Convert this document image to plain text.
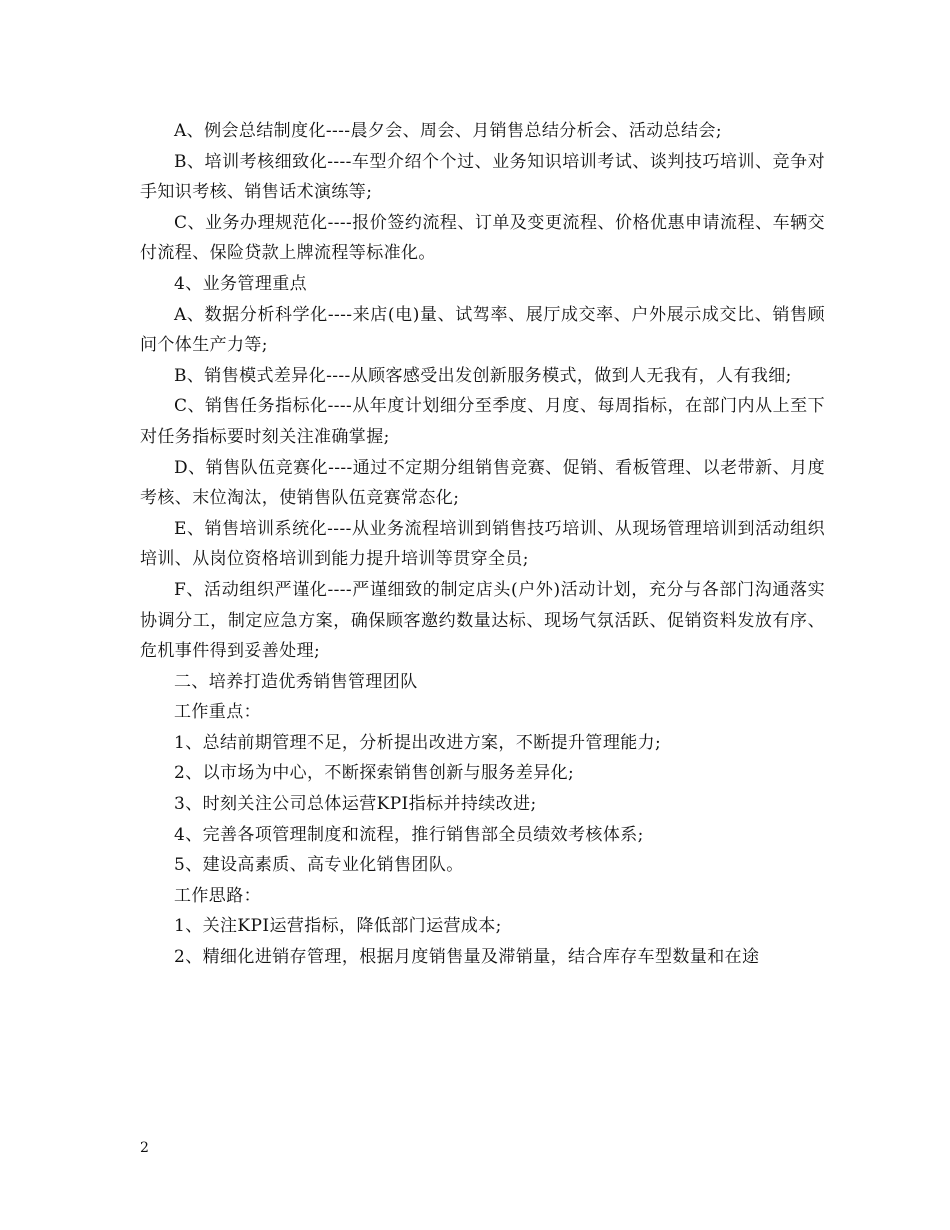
A、例会总结制度化----晨夕会、周会、月销售总结分析会、活动总结会;

B、培训考核细致化----车型介绍个个过、业务知识培训考试、谈判技巧培训、竞争对手知识考核、销售话术演练等;

C、业务办理规范化----报价签约流程、订单及变更流程、价格优惠申请流程、车辆交付流程、保险贷款上牌流程等标准化。

4、业务管理重点

A、数据分析科学化----来店(电)量、试驾率、展厅成交率、户外展示成交比、销售顾问个体生产力等;

B、销售模式差异化----从顾客感受出发创新服务模式，做到人无我有，人有我细;

C、销售任务指标化----从年度计划细分至季度、月度、每周指标，在部门内从上至下对任务指标要时刻关注准确掌握;

D、销售队伍竞赛化----通过不定期分组销售竞赛、促销、看板管理、以老带新、月度考核、末位淘汰，使销售队伍竞赛常态化;

E、销售培训系统化----从业务流程培训到销售技巧培训、从现场管理培训到活动组织培训、从岗位资格培训到能力提升培训等贯穿全员;

F、活动组织严谨化----严谨细致的制定店头(户外)活动计划，充分与各部门沟通落实协调分工，制定应急方案，确保顾客邀约数量达标、现场气氛活跃、促销资料发放有序、危机事件得到妥善处理;

二、培养打造优秀销售管理团队

工作重点：

1、总结前期管理不足，分析提出改进方案，不断提升管理能力;

2、以市场为中心，不断探索销售创新与服务差异化;

3、时刻关注公司总体运营KPI指标并持续改进;

4、完善各项管理制度和流程，推行销售部全员绩效考核体系;

5、建设高素质、高专业化销售团队。

工作思路：

1、关注KPI运营指标，降低部门运营成本;

2、精细化进销存管理，根据月度销售量及滞销量，结合库存车型数量和在途

2
